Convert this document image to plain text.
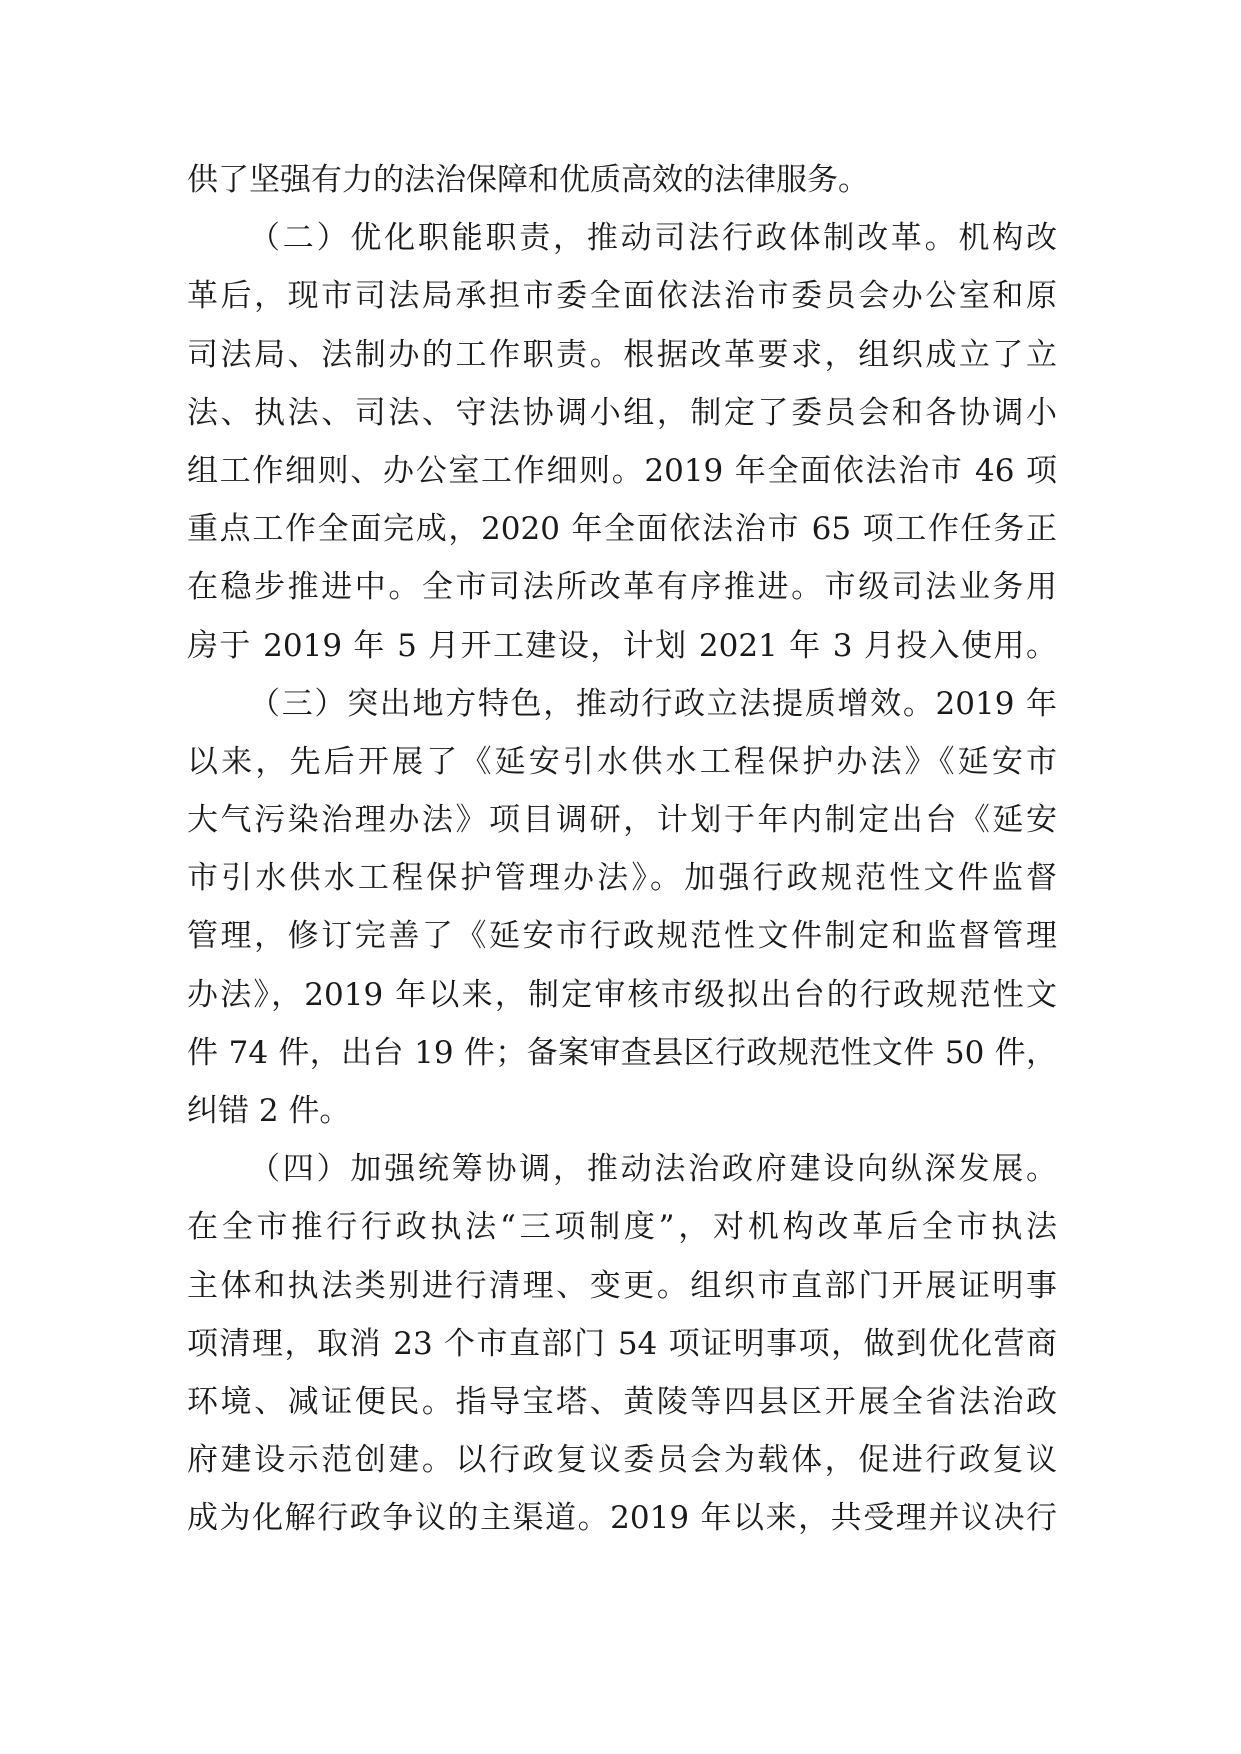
供了坚强有力的法治保障和优质高效的法律服务。
（二）优化职能职责，推动司法行政体制改革。机构改
革后，现市司法局承担市委全面依法治市委员会办公室和原
司法局、法制办的工作职责。根据改革要求，组织成立了立
法、执法、司法、守法协调小组，制定了委员会和各协调小
组工作细则、办公室工作细则。2019 年全面依法治市 46 项
重点工作全面完成，2020 年全面依法治市 65 项工作任务正
在稳步推进中。全市司法所改革有序推进。市级司法业务用
房于 2019 年 5 月开工建设，计划 2021 年 3 月投入使用。
（三）突出地方特色，推动行政立法提质增效。2019 年
以来，先后开展了《延安引水供水工程保护办法》《延安市
大气污染治理办法》项目调研，计划于年内制定出台《延安
市引水供水工程保护管理办法》。加强行政规范性文件监督
管理，修订完善了《延安市行政规范性文件制定和监督管理
办法》，2019 年以来，制定审核市级拟出台的行政规范性文
件 74 件，出台 19 件；备案审查县区行政规范性文件 50 件，
纠错 2 件。
（四）加强统筹协调，推动法治政府建设向纵深发展。
在全市推行行政执法“三项制度”，对机构改革后全市执法
主体和执法类别进行清理、变更。组织市直部门开展证明事
项清理，取消 23 个市直部门 54 项证明事项，做到优化营商
环境、减证便民。指导宝塔、黄陵等四县区开展全省法治政
府建设示范创建。以行政复议委员会为载体，促进行政复议
成为化解行政争议的主渠道。2019 年以来，共受理并议决行
